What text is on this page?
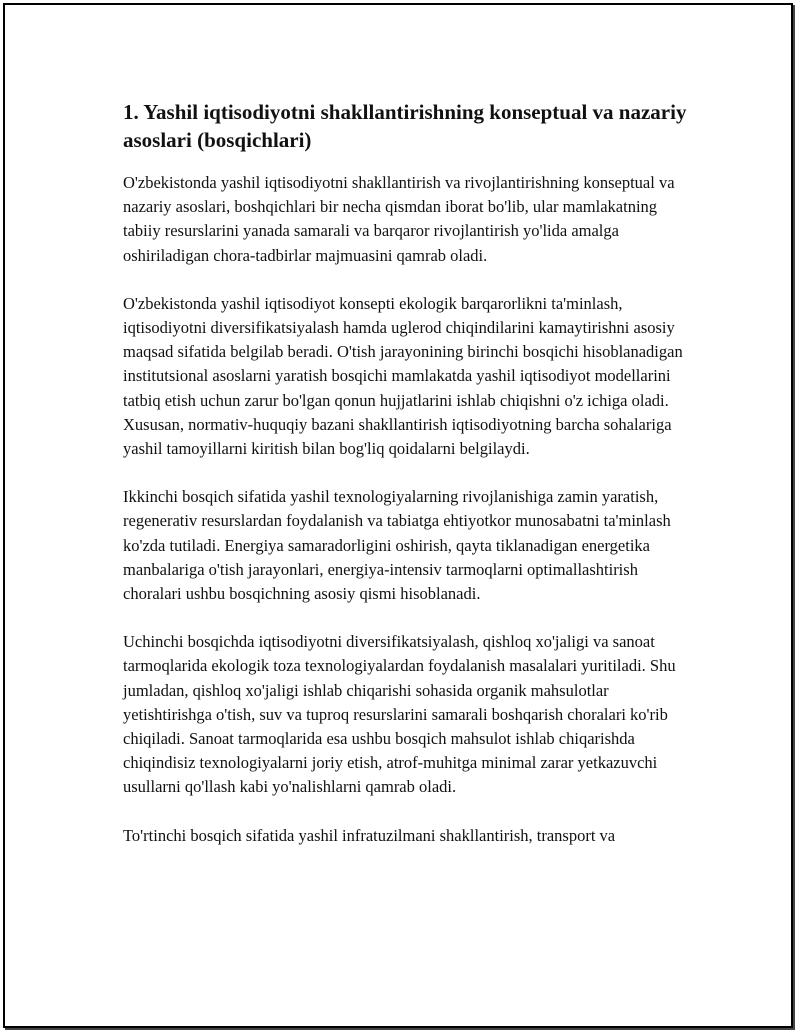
1. Yashil iqtisodiyotni shakllantirishning konseptual va nazariy asoslari (bosqichlari)

O'zbekistonda yashil iqtisodiyotni shakllantirish va rivojlantirishning konseptual va nazariy asoslari, boshqichlari bir necha qismdan iborat bo'lib, ular mamlakatning tabiiy resurslarini yanada samarali va barqaror rivojlantirish yo'lida amalga oshiriladigan chora-tadbirlar majmuasini qamrab oladi.

O'zbekistonda yashil iqtisodiyot konsepti ekologik barqarorlikni ta'minlash, iqtisodiyotni diversifikatsiyalash hamda uglerod chiqindilarini kamaytirishni asosiy maqsad sifatida belgilab beradi. O'tish jarayonining birinchi bosqichi hisoblanadigan institutsional asoslarni yaratish bosqichi mamlakatda yashil iqtisodiyot modellarini tatbiq etish uchun zarur bo'lgan qonun hujjatlarini ishlab chiqishni o'z ichiga oladi. Xususan, normativ-huquqiy bazani shakllantirish iqtisodiyotning barcha sohalariga yashil tamoyillarni kiritish bilan bog'liq qoidalarni belgilaydi.

Ikkinchi bosqich sifatida yashil texnologiyalarning rivojlanishiga zamin yaratish, regenerativ resurslardan foydalanish va tabiatga ehtiyotkor munosabatni ta'minlash ko'zda tutiladi. Energiya samaradorligini oshirish, qayta tiklanadigan energetika manbalariga o'tish jarayonlari, energiya-intensiv tarmoqlarni optimallashtirish choralari ushbu bosqichning asosiy qismi hisoblanadi.

Uchinchi bosqichda iqtisodiyotni diversifikatsiyalash, qishloq xo'jaligi va sanoat tarmoqlarida ekologik toza texnologiyalardan foydalanish masalalari yuritiladi. Shu jumladan, qishloq xo'jaligi ishlab chiqarishi sohasida organik mahsulotlar yetishtirishga o'tish, suv va tuproq resurslarini samarali boshqarish choralari ko'rib chiqiladi. Sanoat tarmoqlarida esa ushbu bosqich mahsulot ishlab chiqarishda chiqindisiz texnologiyalarni joriy etish, atrof-muhitga minimal zarar yetkazuvchi usullarni qo'llash kabi yo'nalishlarni qamrab oladi.

To'rtinchi bosqich sifatida yashil infratuzilmani shakllantirish, transport va
